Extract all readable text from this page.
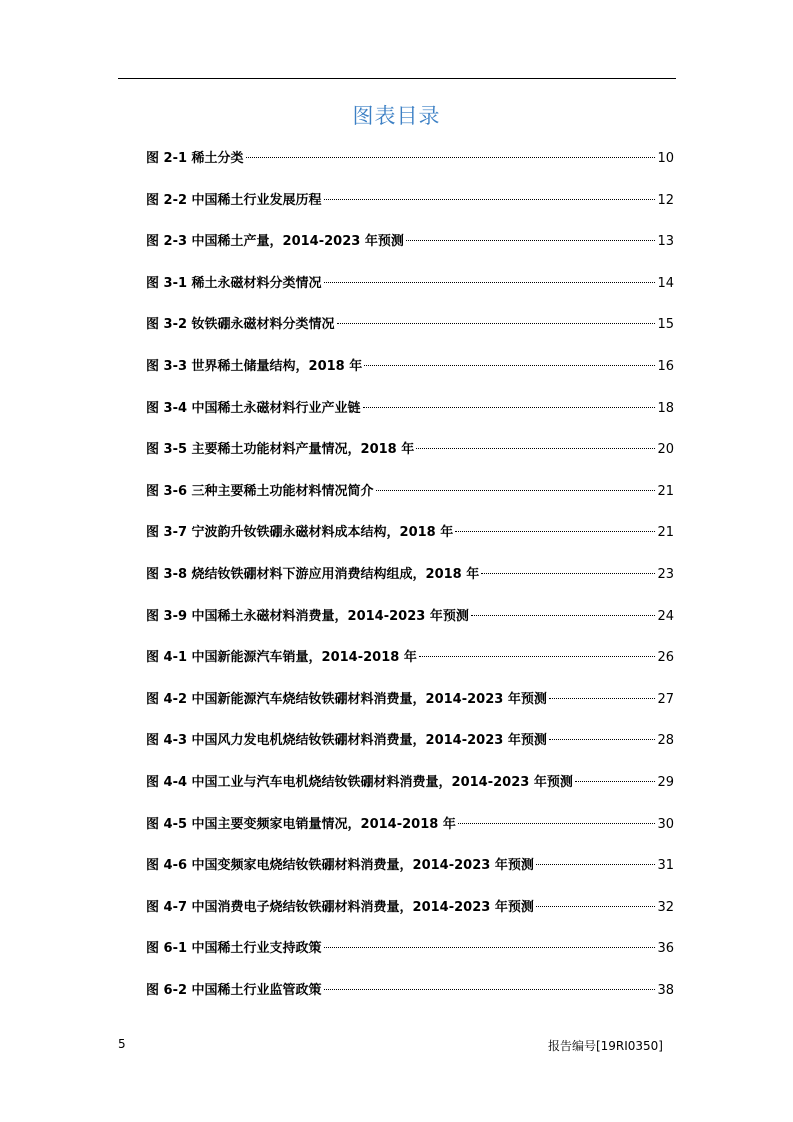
图表目录
图 2-1 稀土分类	10
图 2-2 中国稀土行业发展历程	12
图 2-3 中国稀土产量，2014-2023 年预测	13
图 3-1 稀土永磁材料分类情况	14
图 3-2 钕铁硼永磁材料分类情况	15
图 3-3 世界稀土储量结构，2018 年	16
图 3-4 中国稀土永磁材料行业产业链	18
图 3-5 主要稀土功能材料产量情况，2018 年	20
图 3-6 三种主要稀土功能材料情况简介	21
图 3-7 宁波韵升钕铁硼永磁材料成本结构，2018 年	21
图 3-8 烧结钕铁硼材料下游应用消费结构组成，2018 年	23
图 3-9 中国稀土永磁材料消费量，2014-2023 年预测	24
图 4-1 中国新能源汽车销量，2014-2018 年	26
图 4-2 中国新能源汽车烧结钕铁硼材料消费量，2014-2023 年预测	27
图 4-3 中国风力发电机烧结钕铁硼材料消费量，2014-2023 年预测	28
图 4-4 中国工业与汽车电机烧结钕铁硼材料消费量，2014-2023 年预测	29
图 4-5 中国主要变频家电销量情况，2014-2018 年	30
图 4-6 中国变频家电烧结钕铁硼材料消费量，2014-2023 年预测	31
图 4-7 中国消费电子烧结钕铁硼材料消费量，2014-2023 年预测	32
图 6-1 中国稀土行业支持政策	36
图 6-2 中国稀土行业监管政策	38
5	报告编号[19RI0350]
